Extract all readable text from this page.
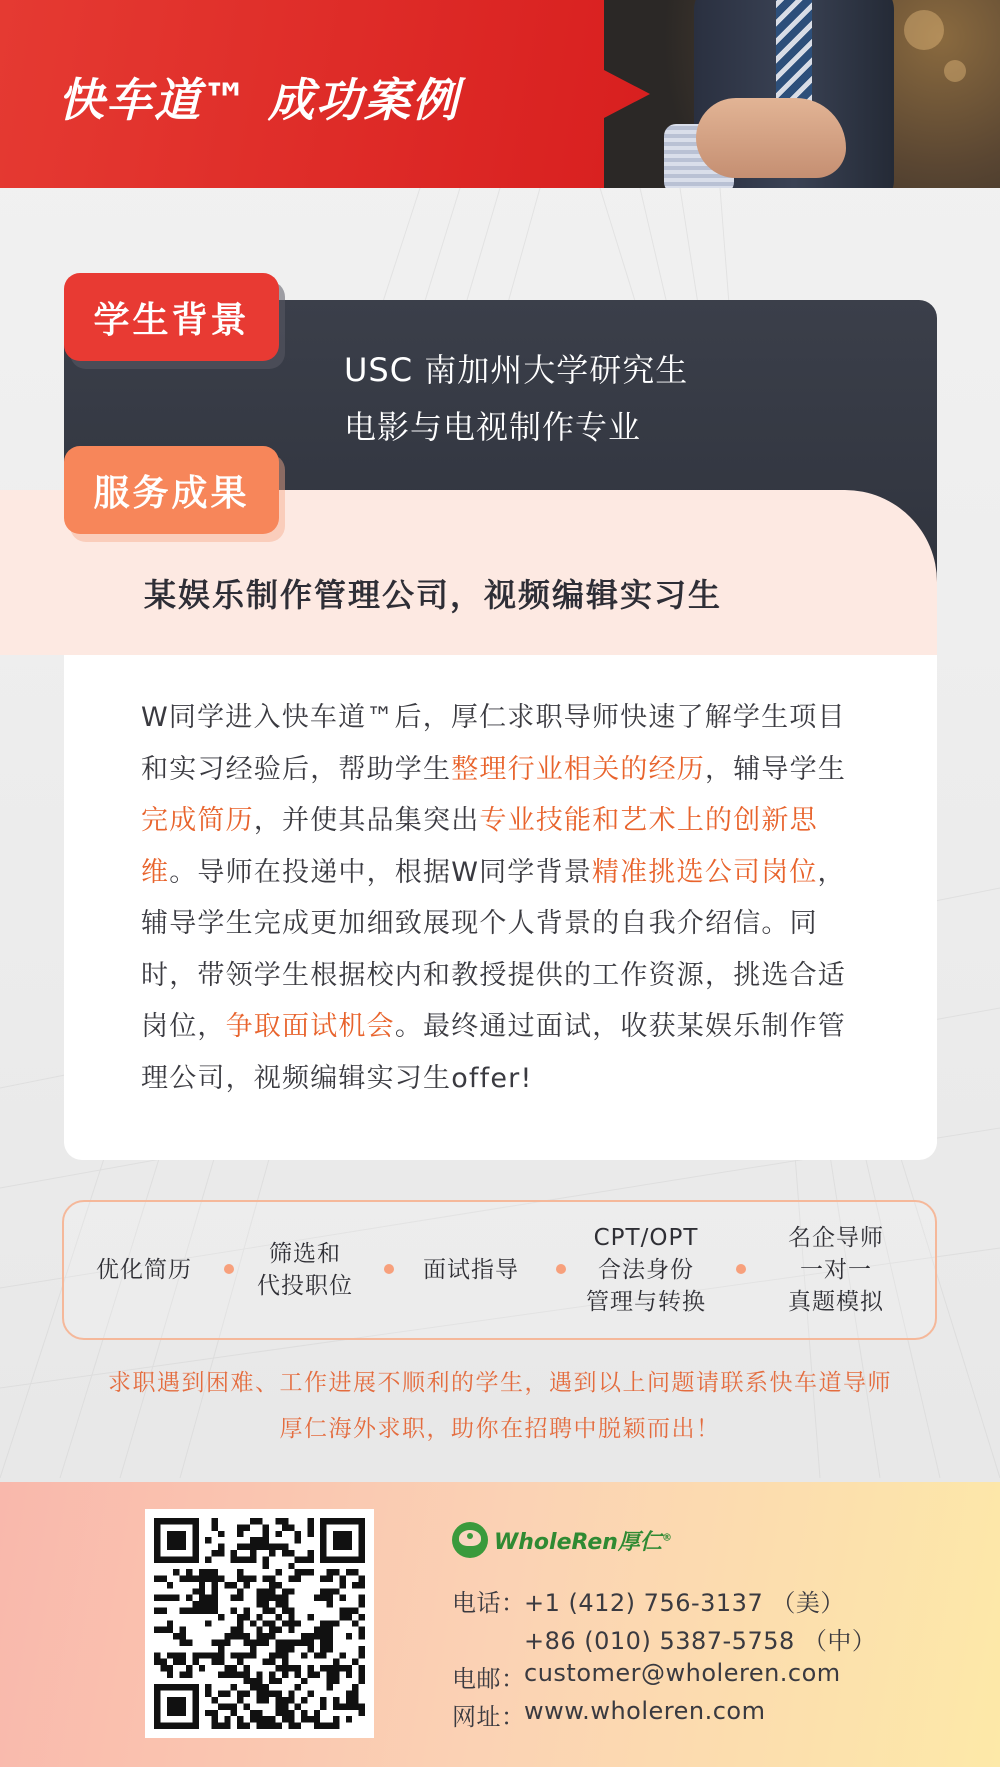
快车道™ 成功案例
学生背景
USC 南加州大学研究生
电影与电视制作专业
服务成果
某娱乐制作管理公司，视频编辑实习生

W同学进入快车道™后，厚仁求职导师快速了解学生项目和实习经验后，帮助学生整理行业相关的经历，辅导学生完成简历，并使其品集突出专业技能和艺术上的创新思维。导师在投递中，根据W同学背景精准挑选公司岗位，辅导学生完成更加细致展现个人背景的自我介绍信。同时，带领学生根据校内和教授提供的工作资源，挑选合适岗位，争取面试机会。最终通过面试，收获某娱乐制作管理公司，视频编辑实习生offer!

优化简历
筛选和
代投职位
面试指导
CPT/OPT
合法身份
管理与转换
名企导师
一对一
真题模拟
求职遇到困难、工作进展不顺利的学生，遇到以上问题请联系快车道导师
厚仁海外求职，助你在招聘中脱颖而出！
WholeRen厚仁®
电话：
+1 (412) 756-3137 （美）
+86 (010) 5387-5758 （中）
电邮：
customer@wholeren.com
网址：
www.wholeren.com
